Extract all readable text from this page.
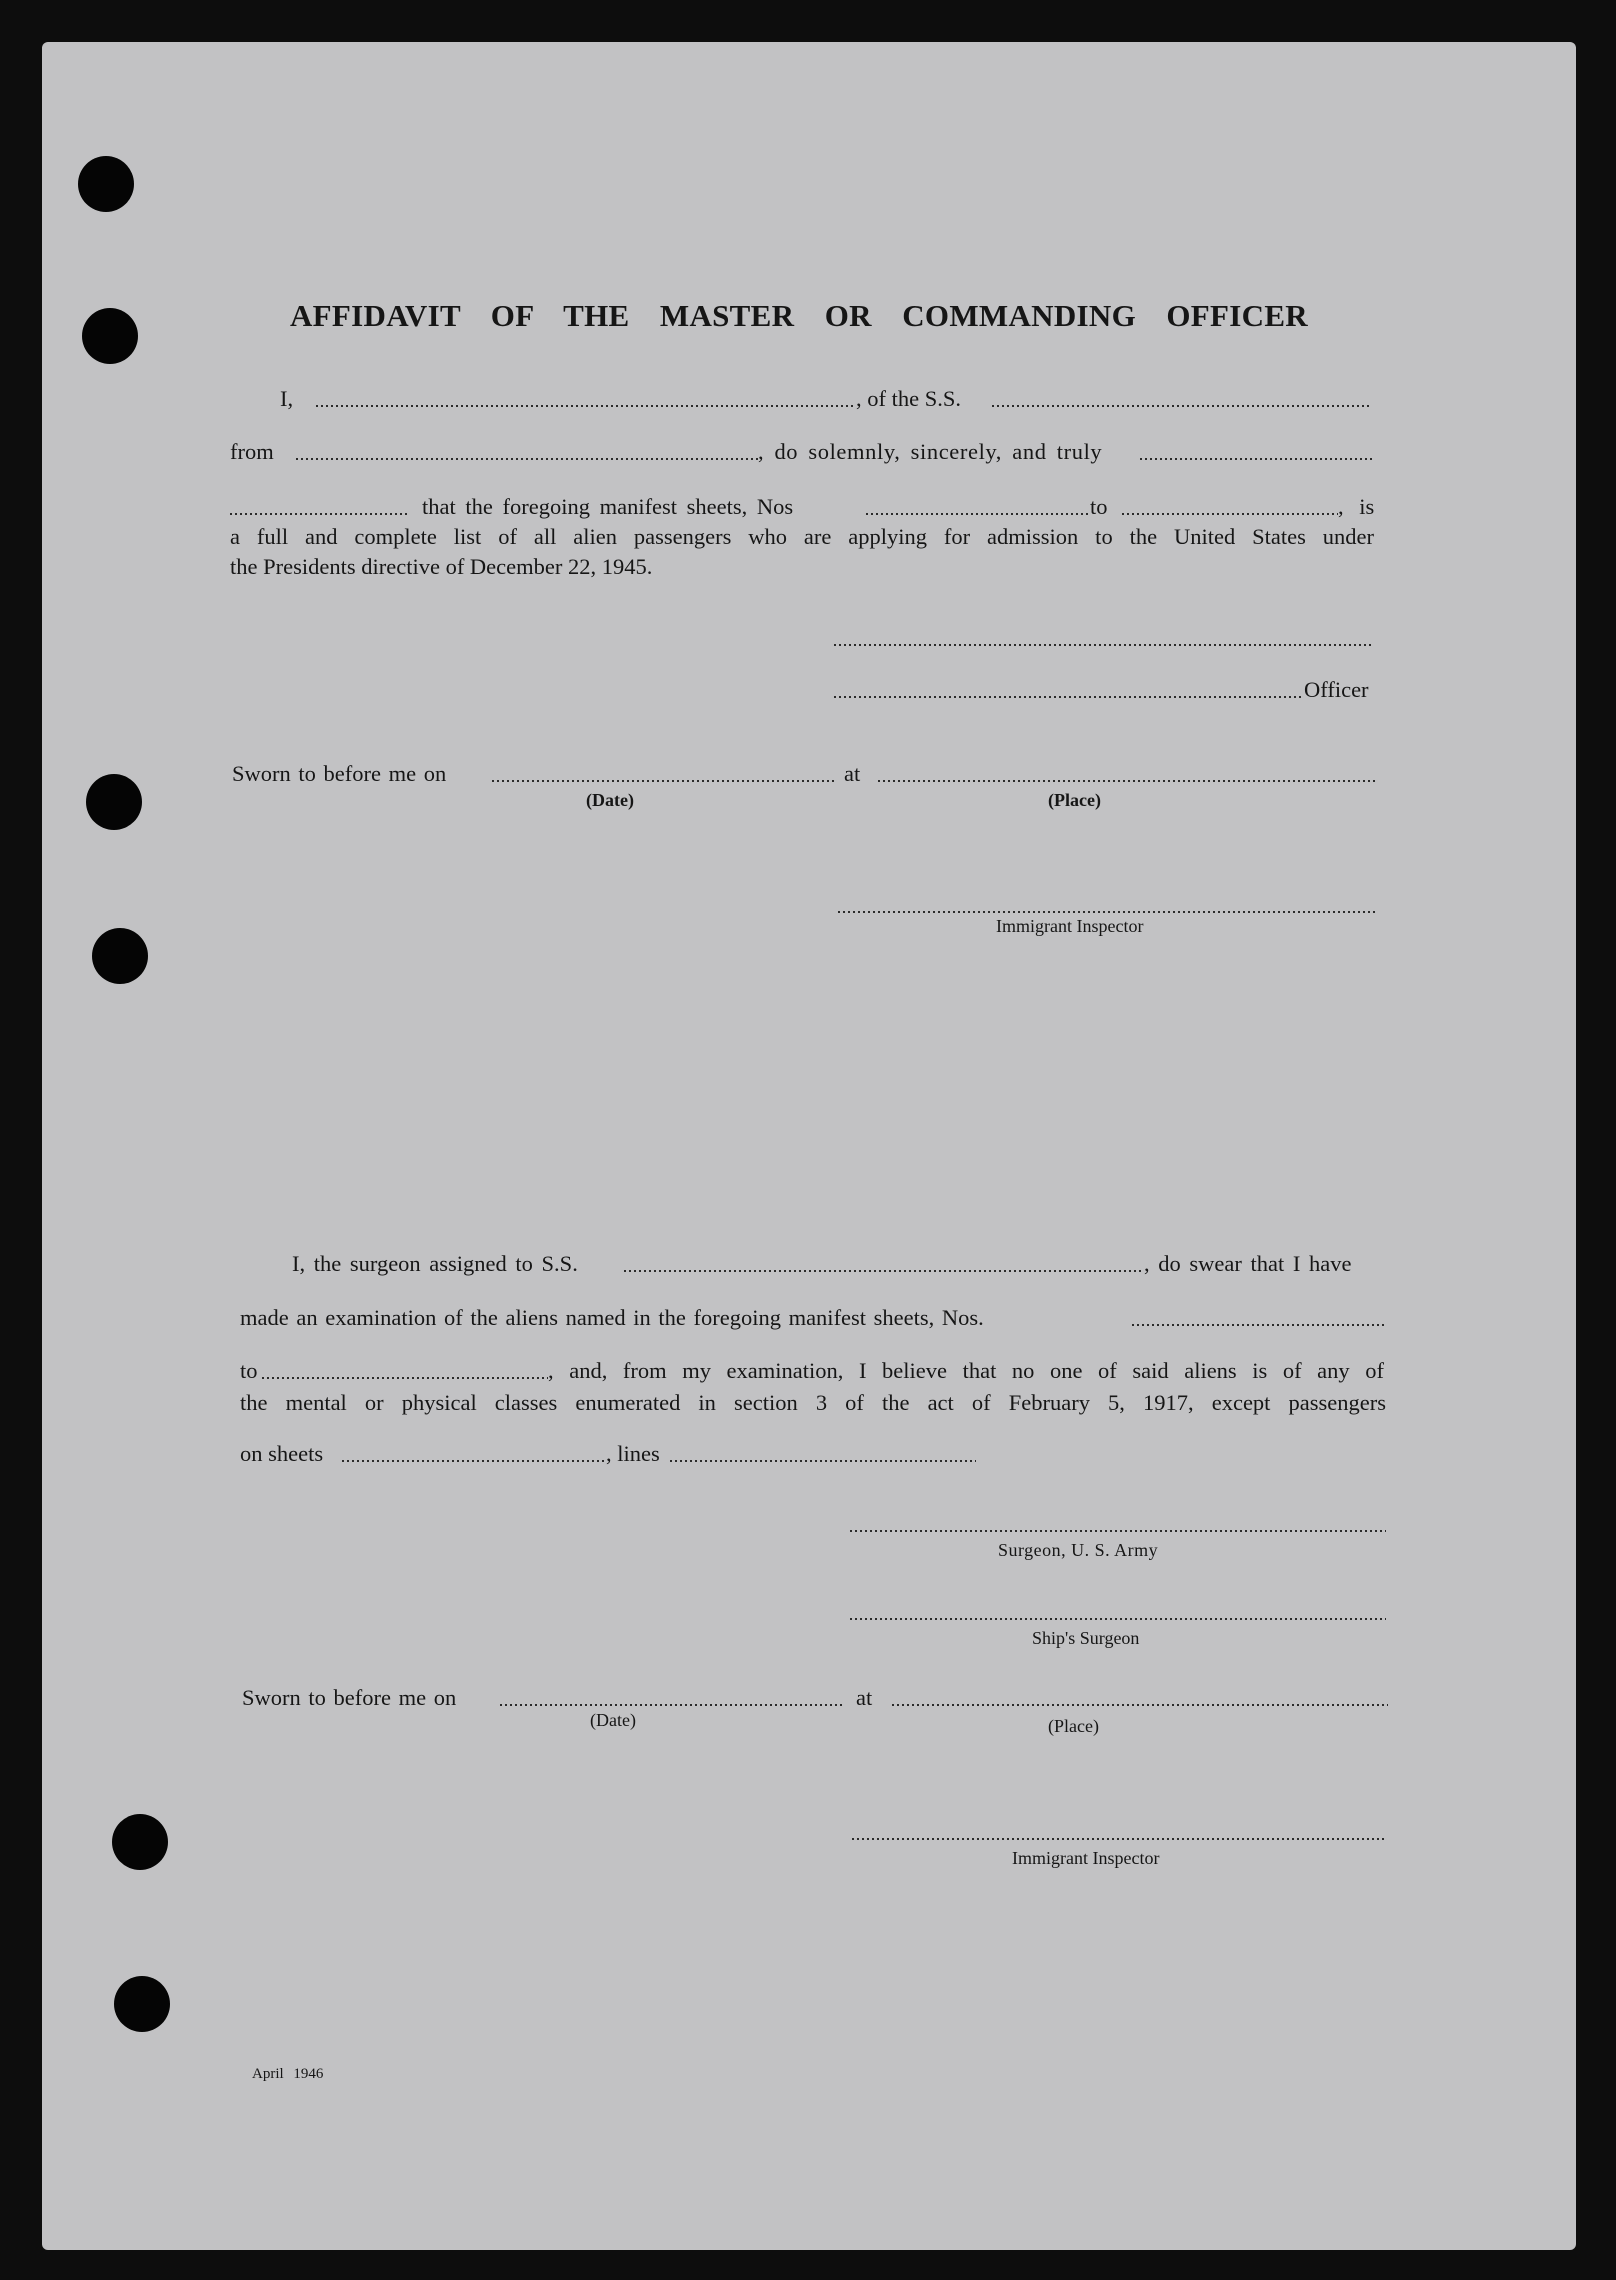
AFFIDAVIT OF THE MASTER OR COMMANDING OFFICER
I,	, of the S.S.
from	, do solemnly, sincerely, and truly
that the foregoing manifest sheets, Nos	to	, is
a full and complete list of all alien passengers who are applying for admission to the United States under
the Presidents directive of December 22, 1945.
Officer
Sworn to before me on	at
(Date)	(Place)
Immigrant Inspector
I, the surgeon assigned to S.S.	, do swear that I have
made an examination of the aliens named in the foregoing manifest sheets, Nos.
to	, and, from my examination, I believe that no one of said aliens is of any of
the mental or physical classes enumerated in section 3 of the act of February 5, 1917, except passengers
on sheets	, lines
Surgeon, U. S. Army
Ship's Surgeon
Sworn to before me on	at
(Date)	(Place)
Immigrant Inspector
April 1946
